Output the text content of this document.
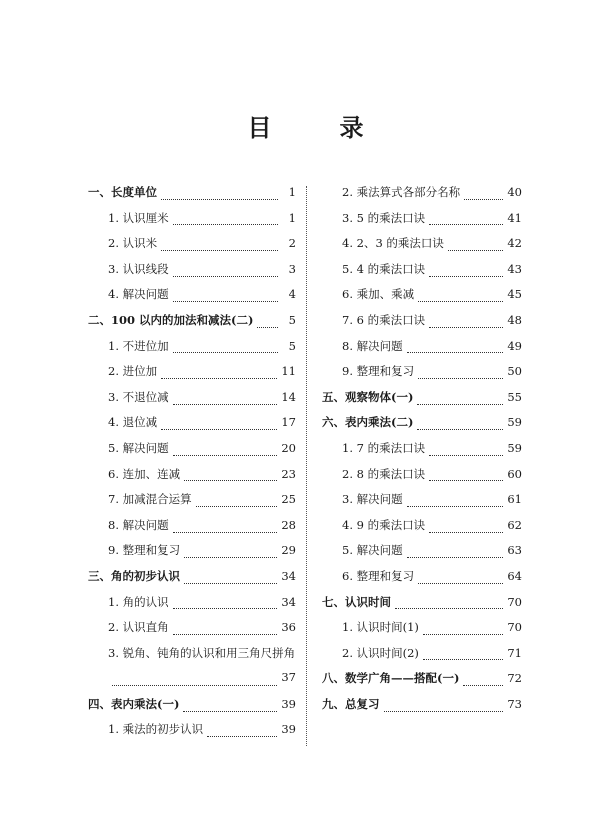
目　录
一、长度单位	1
1. 认识厘米	1
2. 认识米	2
3. 认识线段	3
4. 解决问题	4
二、100 以内的加法和减法(二)	5
1. 不进位加	5
2. 进位加	11
3. 不退位减	14
4. 退位减	17
5. 解决问题	20
6. 连加、连减	23
7. 加减混合运算	25
8. 解决问题	28
9. 整理和复习	29
三、角的初步认识	34
1. 角的认识	34
2. 认识直角	36
3. 锐角、钝角的认识和用三角尺拼角
37
四、表内乘法(一)	39
1. 乘法的初步认识	39
2. 乘法算式各部分名称	40
3. 5 的乘法口诀	41
4. 2、3 的乘法口诀	42
5. 4 的乘法口诀	43
6. 乘加、乘减	45
7. 6 的乘法口诀	48
8. 解决问题	49
9. 整理和复习	50
五、观察物体(一)	55
六、表内乘法(二)	59
1. 7 的乘法口诀	59
2. 8 的乘法口诀	60
3. 解决问题	61
4. 9 的乘法口诀	62
5. 解决问题	63
6. 整理和复习	64
七、认识时间	70
1. 认识时间(1)	70
2. 认识时间(2)	71
八、数学广角——搭配(一)	72
九、总复习	73
